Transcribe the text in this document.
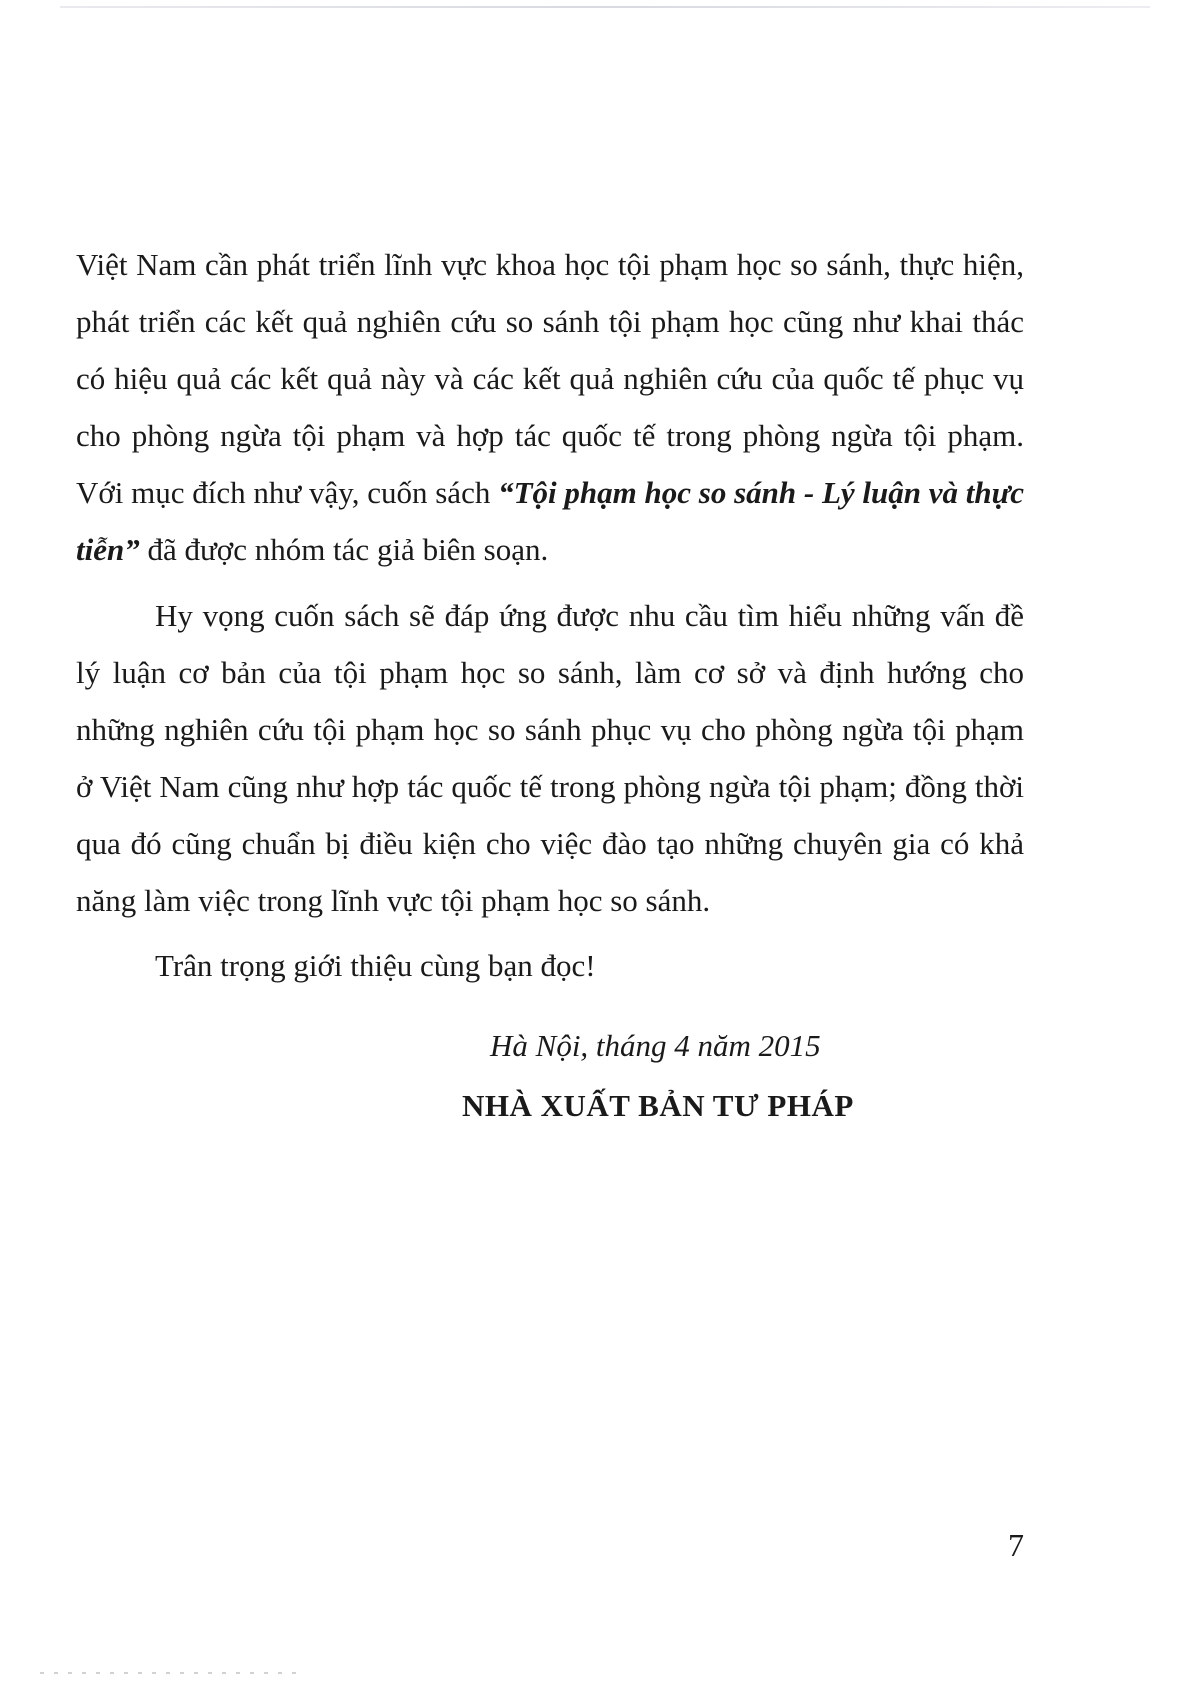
Việt Nam cần phát triển lĩnh vực khoa học tội phạm học so sánh, thực hiện, phát triển các kết quả nghiên cứu so sánh tội phạm học cũng như khai thác có hiệu quả các kết quả này và các kết quả nghiên cứu của quốc tế phục vụ cho phòng ngừa tội phạm và hợp tác quốc tế trong phòng ngừa tội phạm. Với mục đích như vậy, cuốn sách “Tội phạm học so sánh - Lý luận và thực tiễn” đã được nhóm tác giả biên soạn.

Hy vọng cuốn sách sẽ đáp ứng được nhu cầu tìm hiểu những vấn đề lý luận cơ bản của tội phạm học so sánh, làm cơ sở và định hướng cho những nghiên cứu tội phạm học so sánh phục vụ cho phòng ngừa tội phạm ở Việt Nam cũng như hợp tác quốc tế trong phòng ngừa tội phạm; đồng thời qua đó cũng chuẩn bị điều kiện cho việc đào tạo những chuyên gia có khả năng làm việc trong lĩnh vực tội phạm học so sánh.

Trân trọng giới thiệu cùng bạn đọc!

Hà Nội, tháng 4 năm 2015
NHÀ XUẤT BẢN TƯ PHÁP
7
